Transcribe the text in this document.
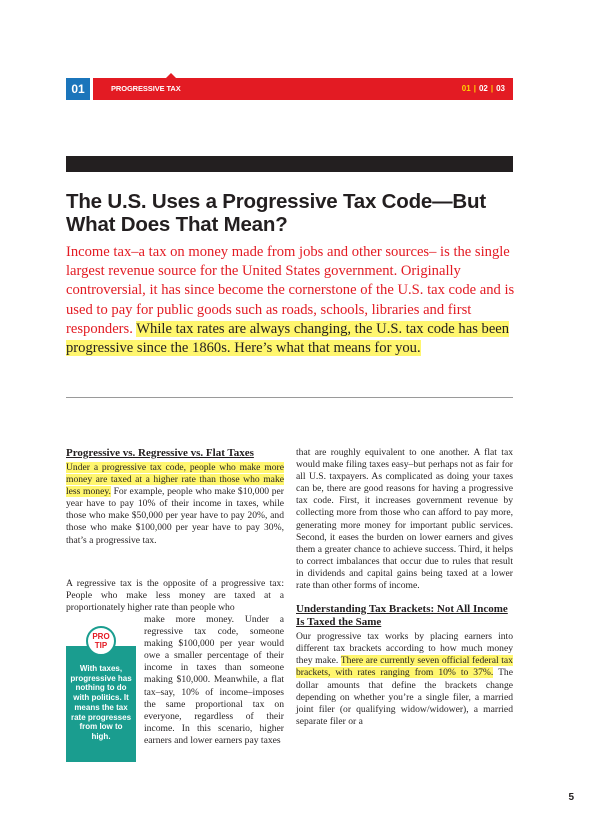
01	PROGRESSIVE TAX	01 | 02 | 03
The U.S. Uses a Progressive Tax Code—But What Does That Mean?

Income tax–a tax on money made from jobs and other sources– is the single largest revenue source for the United States government. Originally controversial, it has since become the cornerstone of the U.S. tax code and is used to pay for public goods such as roads, schools, libraries and first responders. While tax rates are always changing, the U.S. tax code has been progressive since the 1860s. Here’s what that means for you.

Progressive vs. Regressive vs. Flat Taxes

Under a progressive tax code, people who make more money are taxed at a higher rate than those who make less money. For example, people who make $10,000 per year have to pay 10% of their income in taxes, while those who make $50,000 per year have to pay 20%, and those who make $100,000 per year have to pay 30%, that’s a progressive tax.

A regressive tax is the opposite of a progressive tax: People who make less money are taxed at a proportionately higher rate than people who

make more money. Under a regressive tax code, someone making $100,000 per year would owe a smaller percentage of their income in taxes than someone making $10,000. Meanwhile, a flat tax–say, 10% of income–imposes the same proportional tax on everyone, regardless of their income. In this scenario, higher earners and lower earners pay taxes

PRO TIP
With taxes, progressive has nothing to do with politics. It means the tax rate progresses from low to high.

that are roughly equivalent to one another. A flat tax would make filing taxes easy–but perhaps not as fair for all U.S. taxpayers. As complicated as doing your taxes can be, there are good reasons for having a progressive tax code. First, it increases government revenue by collecting more from those who can afford to pay more, generating more money for important public services. Second, it eases the burden on lower earners and gives them a greater chance to achieve success. Third, it helps to correct imbalances that occur due to rules that result in dividends and capital gains being taxed at a lower rate than other forms of income.

Understanding Tax Brackets: Not All Income Is Taxed the Same

Our progressive tax works by placing earners into different tax brackets according to how much money they make. There are currently seven official federal tax brackets, with rates ranging from 10% to 37%. The dollar amounts that define the brackets change depending on whether you’re a single filer, a married joint filer (or qualifying widow/widower), a married separate filer or a

5
